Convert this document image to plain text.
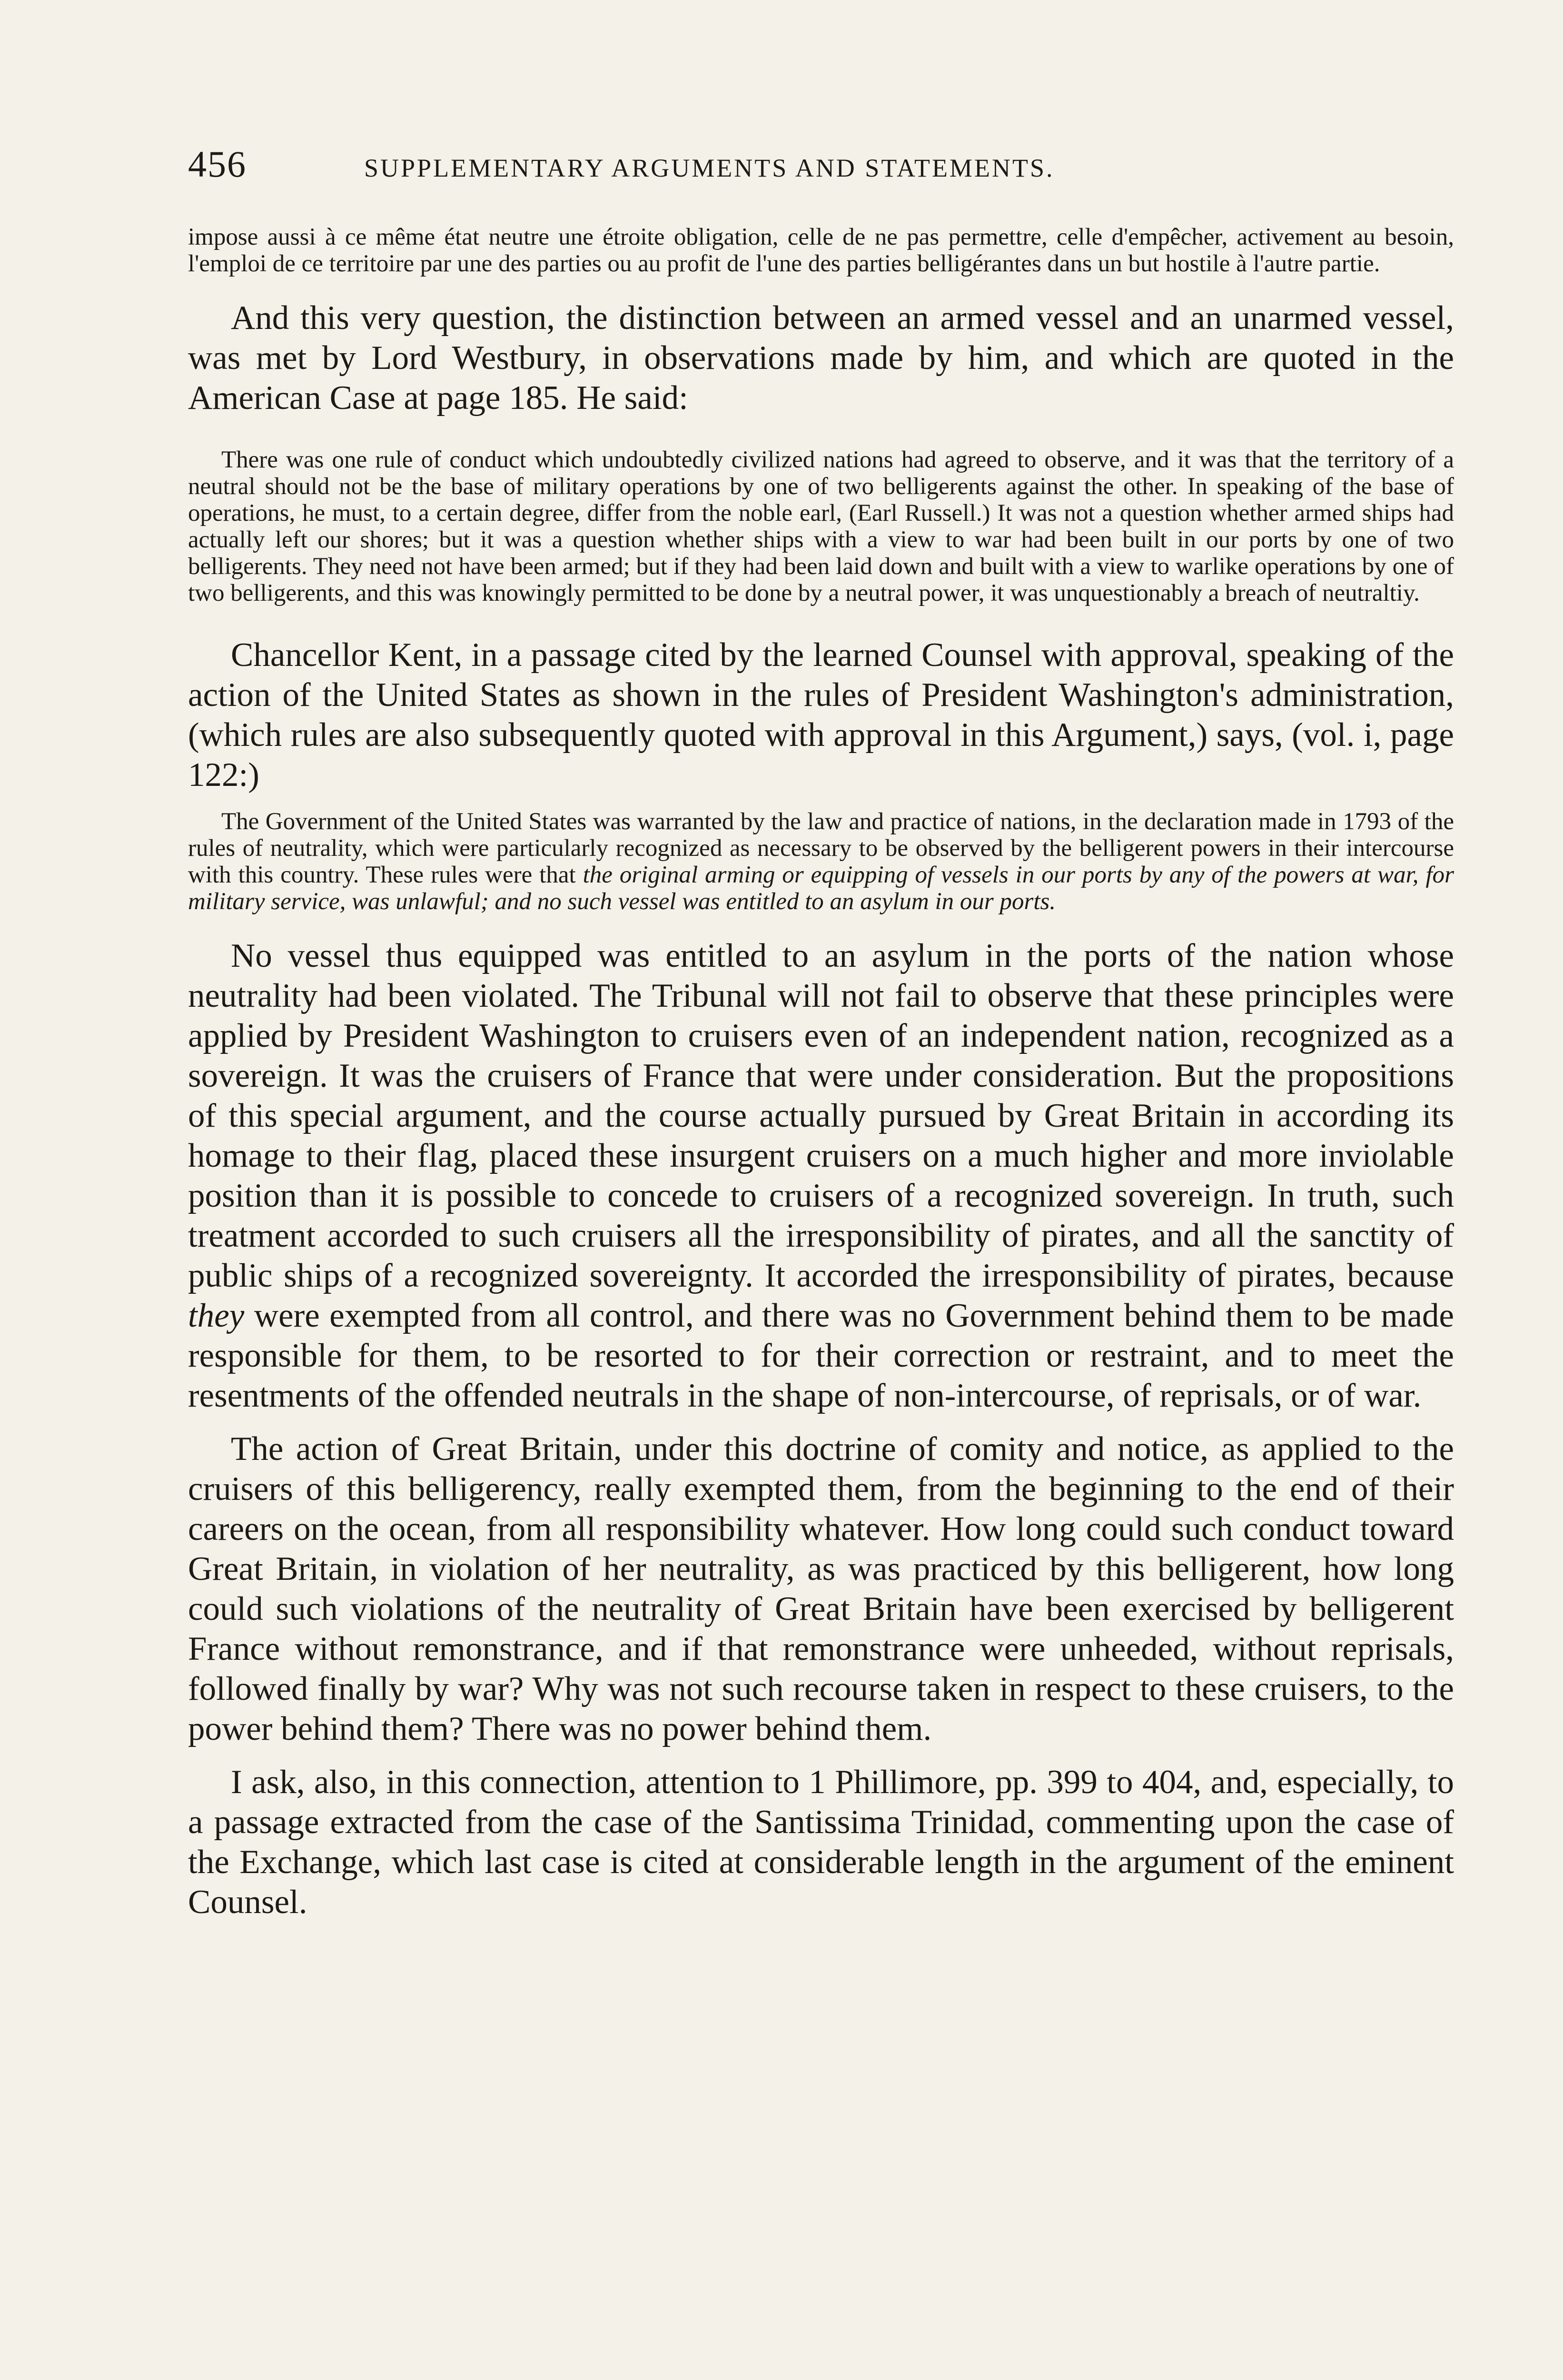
456	SUPPLEMENTARY ARGUMENTS AND STATEMENTS.

impose aussi à ce même état neutre une étroite obligation, celle de ne pas permettre, celle d'empêcher, activement au besoin, l'emploi de ce territoire par une des parties ou au profit de l'une des parties belligérantes dans un but hostile à l'autre partie.

And this very question, the distinction between an armed vessel and an unarmed vessel, was met by Lord Westbury, in observations made by him, and which are quoted in the American Case at page 185. He said:

There was one rule of conduct which undoubtedly civilized nations had agreed to observe, and it was that the territory of a neutral should not be the base of military operations by one of two belligerents against the other. In speaking of the base of operations, he must, to a certain degree, differ from the noble earl, (Earl Russell.) It was not a question whether armed ships had actually left our shores; but it was a question whether ships with a view to war had been built in our ports by one of two belligerents. They need not have been armed; but if they had been laid down and built with a view to warlike operations by one of two belligerents, and this was knowingly permitted to be done by a neutral power, it was unquestionably a breach of neutraltiy.

Chancellor Kent, in a passage cited by the learned Counsel with approval, speaking of the action of the United States as shown in the rules of President Washington's administration, (which rules are also subsequently quoted with approval in this Argument,) says, (vol. i, page 122:)

The Government of the United States was warranted by the law and practice of nations, in the declaration made in 1793 of the rules of neutrality, which were particularly recognized as necessary to be observed by the belligerent powers in their intercourse with this country. These rules were that the original arming or equipping of vessels in our ports by any of the powers at war, for military service, was unlawful; and no such vessel was entitled to an asylum in our ports.

No vessel thus equipped was entitled to an asylum in the ports of the nation whose neutrality had been violated. The Tribunal will not fail to observe that these principles were applied by President Washington to cruisers even of an independent nation, recognized as a sovereign. It was the cruisers of France that were under consideration. But the propositions of this special argument, and the course actually pursued by Great Britain in according its homage to their flag, placed these insurgent cruisers on a much higher and more inviolable position than it is possible to concede to cruisers of a recognized sovereign. In truth, such treatment accorded to such cruisers all the irresponsibility of pirates, and all the sanctity of public ships of a recognized sovereignty. It accorded the irresponsibility of pirates, because they were exempted from all control, and there was no Government behind them to be made responsible for them, to be resorted to for their correction or restraint, and to meet the resentments of the offended neutrals in the shape of non-intercourse, of reprisals, or of war.

The action of Great Britain, under this doctrine of comity and notice, as applied to the cruisers of this belligerency, really exempted them, from the beginning to the end of their careers on the ocean, from all responsibility whatever. How long could such conduct toward Great Britain, in violation of her neutrality, as was practiced by this belligerent, how long could such violations of the neutrality of Great Britain have been exercised by belligerent France without remonstrance, and if that remonstrance were unheeded, without reprisals, followed finally by war? Why was not such recourse taken in respect to these cruisers, to the power behind them? There was no power behind them.

I ask, also, in this connection, attention to 1 Phillimore, pp. 399 to 404, and, especially, to a passage extracted from the case of the Santissima Trinidad, commenting upon the case of the Exchange, which last case is cited at considerable length in the argument of the eminent Counsel.
